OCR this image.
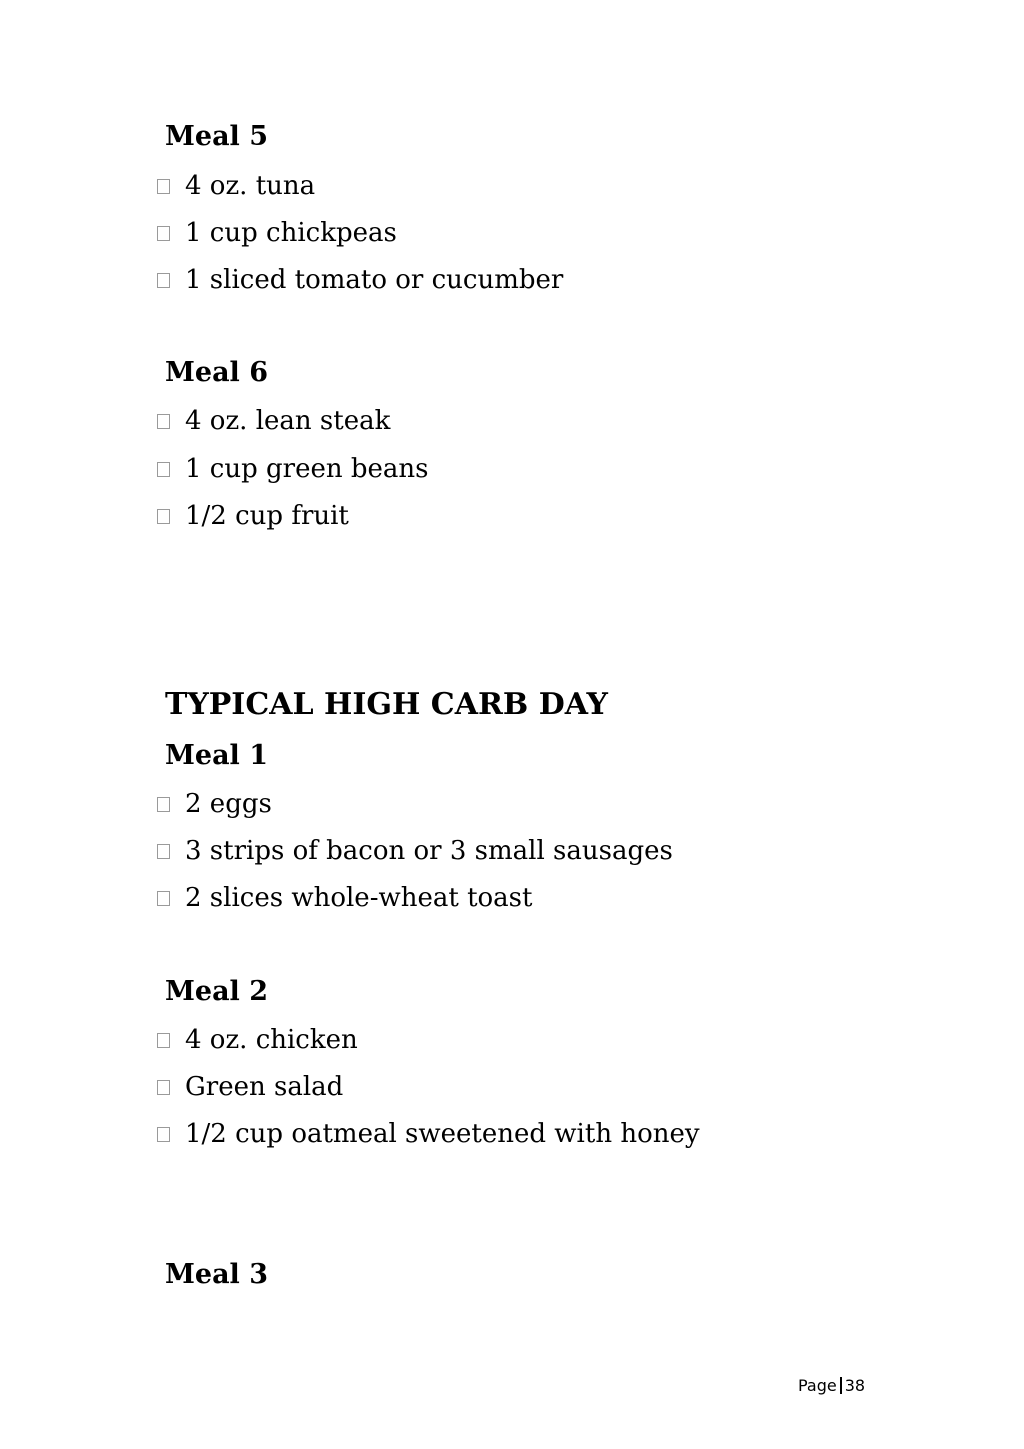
Meal 5
4 oz. tuna
1 cup chickpeas
1 sliced tomato or cucumber
Meal 6
4 oz. lean steak
1 cup green beans
1/2 cup fruit
TYPICAL HIGH CARB DAY
Meal 1
2 eggs
3 strips of bacon or 3 small sausages
2 slices whole-wheat toast
Meal 2
4 oz. chicken
Green salad
1/2 cup oatmeal sweetened with honey
Meal 3
Page 38
